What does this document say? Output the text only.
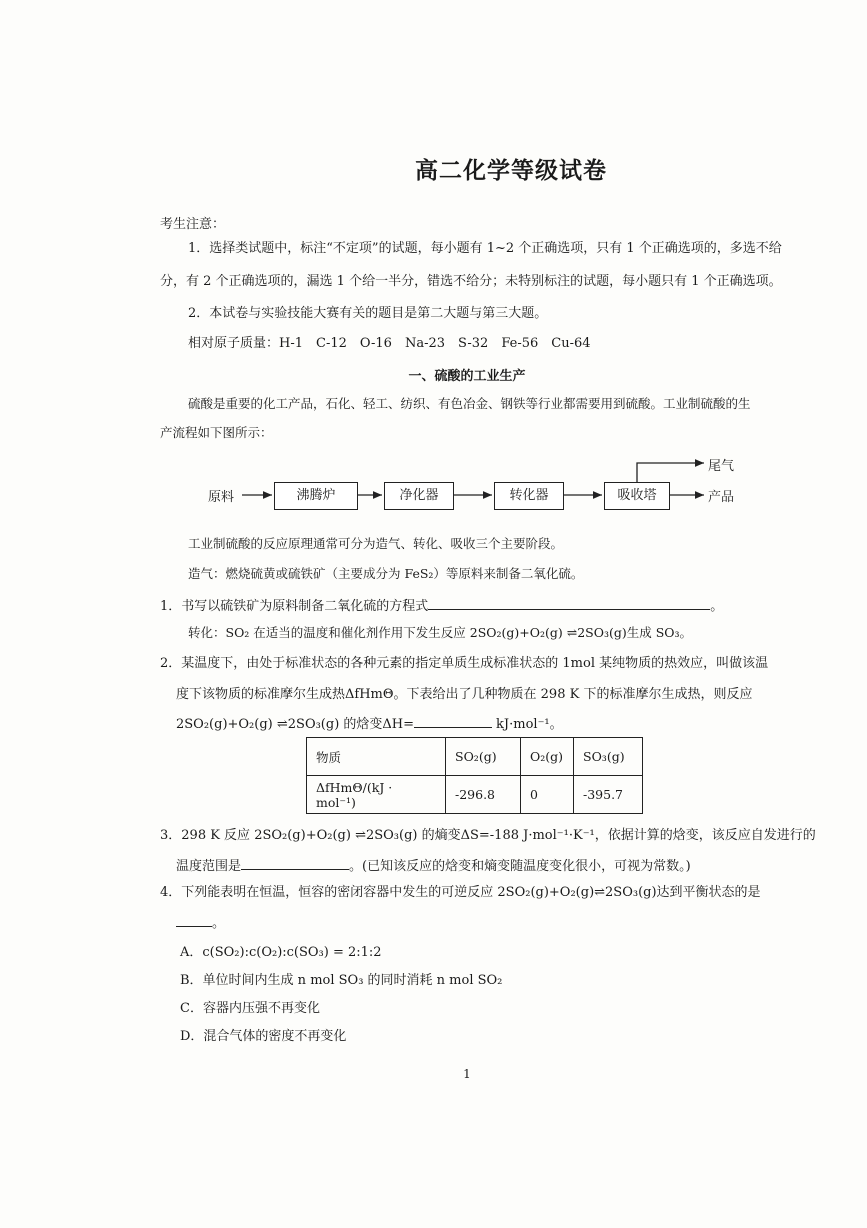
高二化学等级试卷
考生注意：
1．选择类试题中，标注“不定项”的试题，每小题有 1~2 个正确选项，只有 1 个正确选项的，多选不给
分，有 2 个正确选项的，漏选 1 个给一半分，错选不给分；未特别标注的试题，每小题只有 1 个正确选项。
2．本试卷与实验技能大赛有关的题目是第二大题与第三大题。
相对原子质量：H-1　C-12　O-16　Na-23　S-32　Fe-56　Cu-64
一、硫酸的工业生产
硫酸是重要的化工产品，石化、轻工、纺织、有色冶金、钢铁等行业都需要用到硫酸。工业制硫酸的生
产流程如下图所示：
原料	沸腾炉	净化器	转化器	吸收塔
尾气
产品
工业制硫酸的反应原理通常可分为造气、转化、吸收三个主要阶段。
造气：燃烧硫黄或硫铁矿（主要成分为 FeS₂）等原料来制备二氧化硫。
1．书写以硫铁矿为原料制备二氧化硫的方程式	。
转化：SO₂ 在适当的温度和催化剂作用下发生反应 2SO₂(g)+O₂(g) ⇌2SO₃(g)生成 SO₃。
2．某温度下，由处于标准状态的各种元素的指定单质生成标准状态的 1mol 某纯物质的热效应，叫做该温
度下该物质的标准摩尔生成热ΔfHmΘ。下表给出了几种物质在 298 K 下的标准摩尔生成热，则反应
2SO₂(g)+O₂(g) ⇌2SO₃(g) 的焓变ΔH=	kJ·mol⁻¹。
物质	SO₂(g)	O₂(g)	SO₃(g)
ΔfHmΘ/(kJ · mol⁻¹)	-296.8	0	-395.7
3．298 K 反应 2SO₂(g)+O₂(g) ⇌2SO₃(g) 的熵变ΔS=-188 J·mol⁻¹·K⁻¹，依据计算的焓变，该反应自发进行的
温度范围是	。(已知该反应的焓变和熵变随温度变化很小，可视为常数。)
4．下列能表明在恒温，恒容的密闭容器中发生的可逆反应 2SO₂(g)+O₂(g)⇌2SO₃(g)达到平衡状态的是
。
A．c(SO₂):c(O₂):c(SO₃) = 2:1:2
B．单位时间内生成 n mol SO₃ 的同时消耗 n mol SO₂
C．容器内压强不再变化
D．混合气体的密度不再变化
1
